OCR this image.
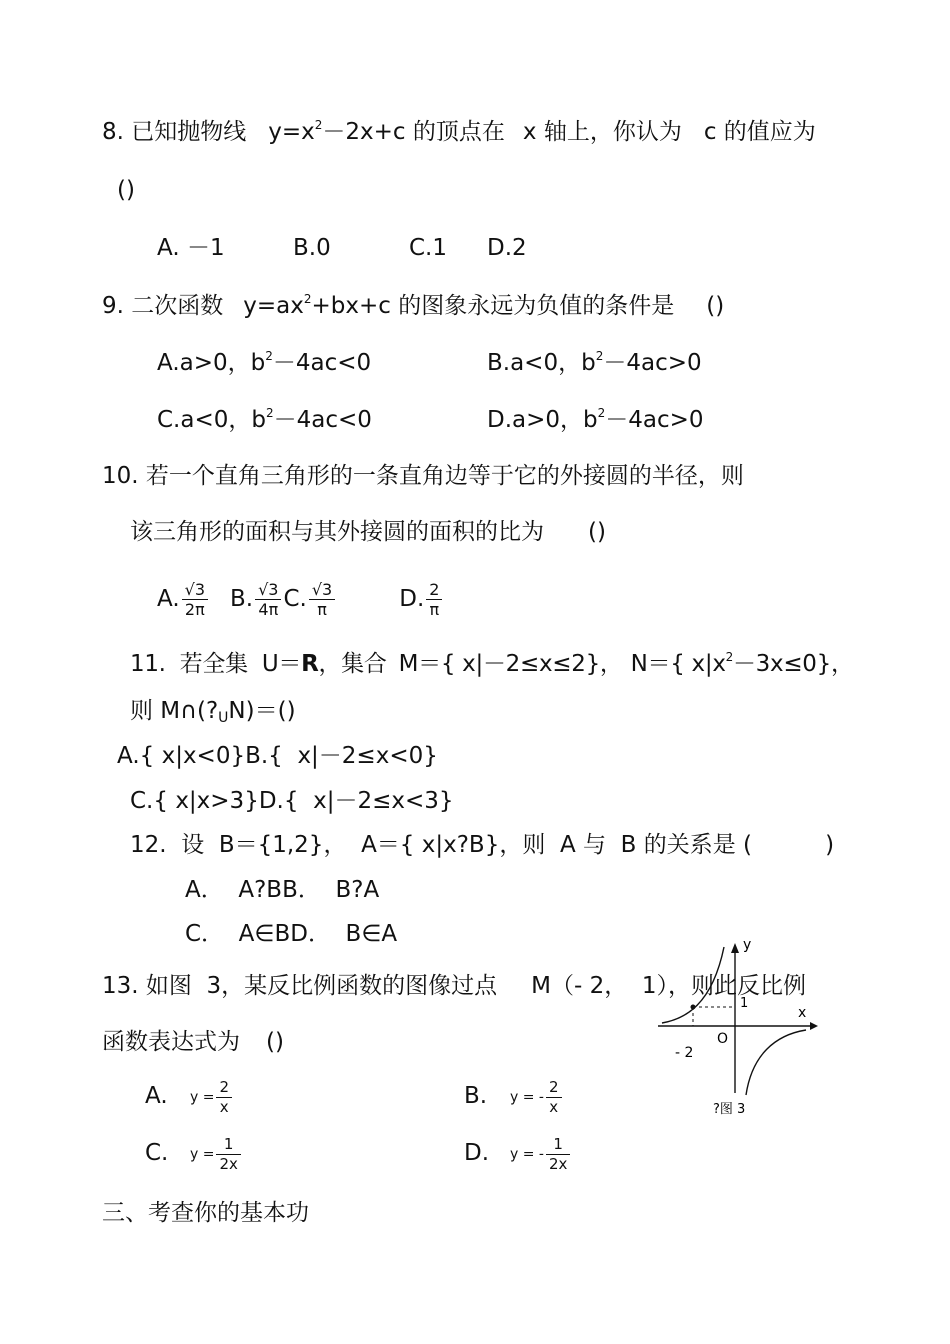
8. 已知抛物线 $y=x^2-2x+c$ 的顶点在 x 轴上，你认为 c 的值应为
()
A. －1	B.0	C.1 D.2
9. 二次函数 $y=ax^2+bx+c$ 的图象永远为负值的条件是 ()
A.a>0，$b^2-4ac<0$	B.a<0，$b^2-4ac>0$
C.a<0，$b^2-4ac<0$	D.a>0，$b^2-4ac>0$
10. 若一个直角三角形的一条直角边等于它的外接圆的半径，则
该三角形的面积与其外接圆的面积的比为 ()
A. $\frac{√3}{2\pi} B$. $\frac{√3}{4\pi} C$. $\frac{√3}{\pi}$	D. $\frac{2}{\pi}$
11.  若全集 U＝R，集合 M＝{ x|－2≤x≤2}， N＝{ $x|x^2-3x\le 0$}，
则 $M\cap(?_UN)=()$
A.{ x|x<0}B.{  x|－2≤x<0}
C.{ x|x>3}D.{  x|－2≤x<3}
12.  设  B＝{1,2}，  A＝{ x|x?B}，则  A 与  B 的关系是 (          )
A．  A?BB．  B?A
C．  A∈BD．  B∈A
13. 如图  3，某反比例函数的图像过点 M（- 2，  1），则此反比例
函数表达式为 ()
A. $y = \frac{2}{x}$	B. y = - $\frac{2}{x}$
C. $y = \frac{1}{2x}$	D. y = - $\frac{1}{2x}$
y
x
1
O
- 2
?图 3
三、考查你的基本功
